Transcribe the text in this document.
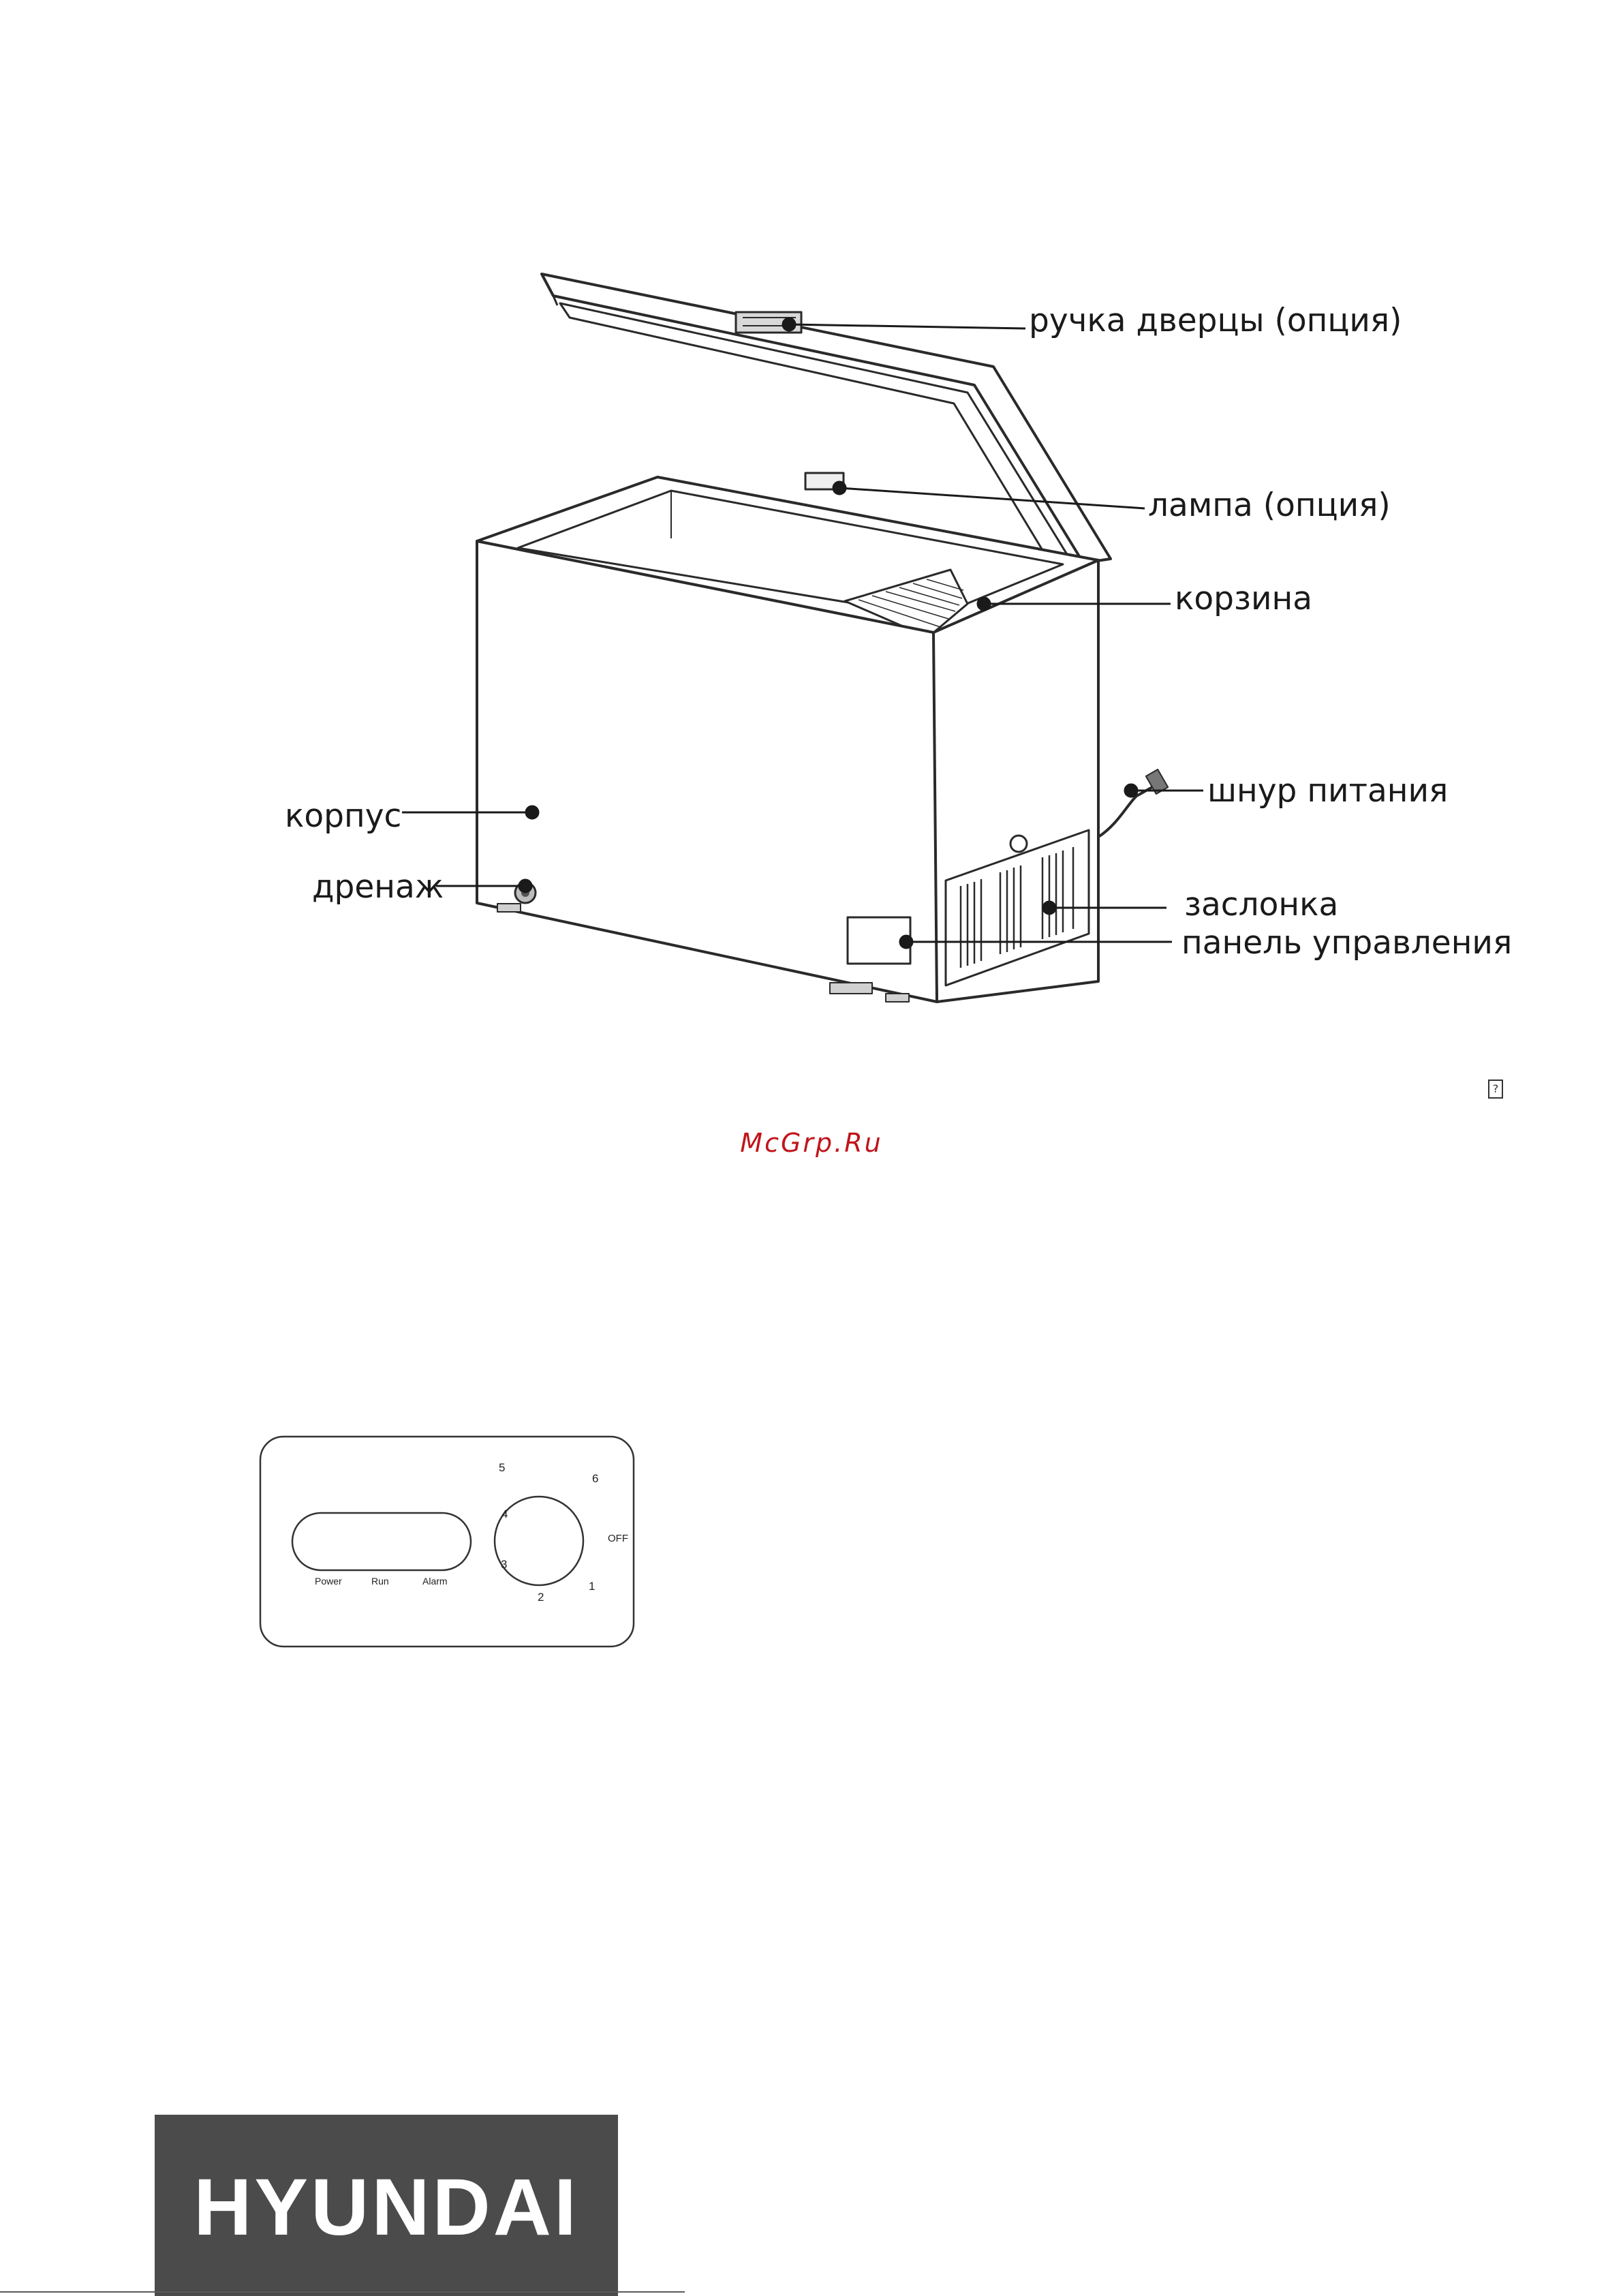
ручка дверцы (опция)
лампа (опция)
корзина
шнур питания
корпус
дренаж	заслонка
панель управления
?
McGrp.Ru
Power	Run	Alarm
5
6
4
OFF
3
1
2
HYUNDAI
